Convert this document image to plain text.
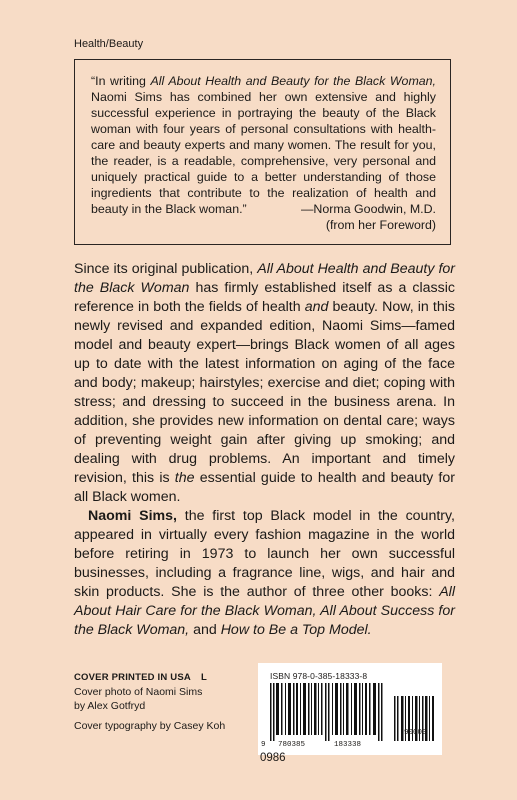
Health/Beauty
“In writing All About Health and Beauty for the Black Woman, Naomi Sims has combined her own extensive and highly successful experience in portraying the beauty of the Black woman with four years of personal consultations with health-care and beauty experts and many women. The result for you, the reader, is a readable, comprehensive, very personal and uniquely practical guide to a better understanding of those ingredients that contribute to the realization of health and beauty in the Black woman.”	—Norma Goodwin, M.D.
(from her Foreword)

Since its original publication, All About Health and Beauty for the Black Woman has firmly established itself as a classic reference in both the fields of health and beauty. Now, in this newly revised and expanded edition, Naomi Sims—famed model and beauty expert—brings Black women of all ages up to date with the latest information on aging of the face and body; makeup; hairstyles; exercise and diet; coping with stress; and dressing to succeed in the business arena. In addition, she provides new information on dental care; ways of preventing weight gain after giving up smoking; and dealing with drug problems. An important and timely revision, this is the essential guide to health and beauty for all Black women.

Naomi Sims, the first top Black model in the country, appeared in virtually every fashion magazine in the world before retiring in 1973 to launch her own successful businesses, including a fragrance line, wigs, and hair and skin products. She is the author of three other books: All About Hair Care for the Black Woman, All About Success for the Black Woman, and How to Be a Top Model.

COVER PRINTED IN USA L
Cover photo of Naomi Sims
by Alex Gotfryd
Cover typography by Casey Koh
ISBN 978-0-385-18333-8
9 780385	183338
90000
0986
